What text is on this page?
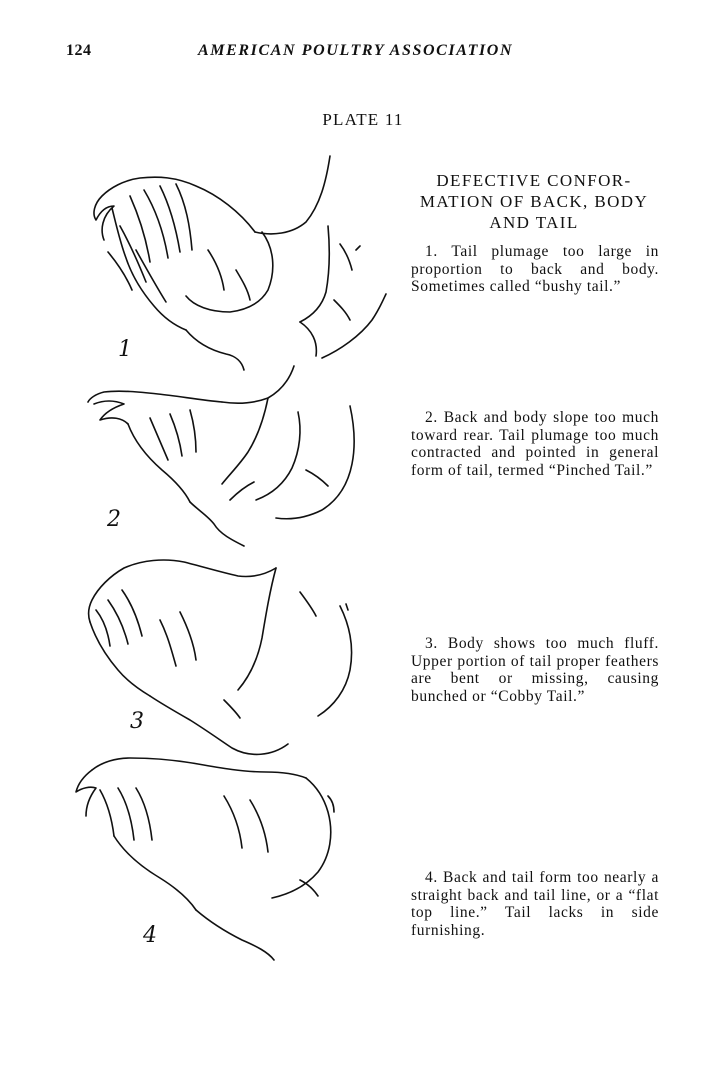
124	AMERICAN POULTRY ASSOCIATION
PLATE 11
DEFECTIVE CONFOR-
MATION OF BACK, BODY
AND TAIL
1. Tail plumage too large in proportion to back and body. Sometimes called “bushy tail.”
2. Back and body slope too much toward rear. Tail plumage too much contracted and pointed in general form of tail, termed “Pinched Tail.”
3. Body shows too much fluff. Upper portion of tail proper feathers are bent or missing, causing bunched or “Cobby Tail.”
4. Back and tail form too nearly a straight back and tail line, or a “flat top line.” Tail lacks in side furnishing.
1
2
3
4
